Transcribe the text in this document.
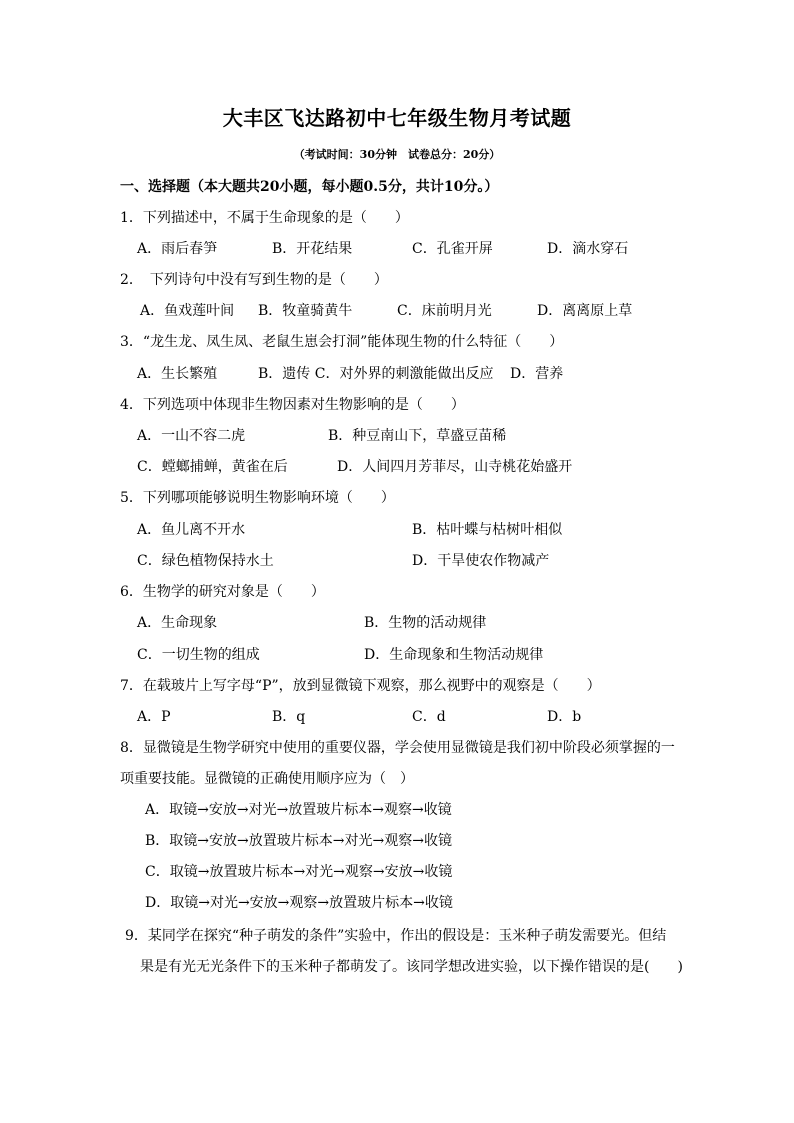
大丰区飞达路初中七年级生物月考试题
（考试时间：30分钟　试卷总分：20分）
一、选择题（本大题共20小题，每小题0.5分，共计10分。）
1．下列描述中，不属于生命现象的是（　　）
A．雨后春笋	B．开花结果	C．孔雀开屏	D．滴水穿石
2．　下列诗句中没有写到生物的是（　　）
A．鱼戏莲叶间 B．牧童骑黄牛	C．床前明月光	D．离离原上草
3．“龙生龙、凤生凤、老鼠生崽会打洞”能体现生物的什么特征（　　）
A．生长繁殖	B．遗传 C．对外界的刺激能做出反应 D．营养
4．下列选项中体现非生物因素对生物影响的是（　　）
A．一山不容二虎	B．种豆南山下，草盛豆苗稀
C．螳螂捕蝉，黄雀在后	D．人间四月芳菲尽，山寺桃花始盛开
5．下列哪项能够说明生物影响环境（　　）
A．鱼儿离不开水	B．枯叶蝶与枯树叶相似
C．绿色植物保持水土	D．干旱使农作物减产
6．生物学的研究对象是（　　）
A．生命现象	B．生物的活动规律
C．一切生物的组成	D．生命现象和生物活动规律
7．在载玻片上写字母“P”，放到显微镜下观察，那么视野中的观察是（　　）
A．P	B．q	C．d	D．b
8．显微镜是生物学研究中使用的重要仪器，学会使用显微镜是我们初中阶段必须掌握的一
项重要技能。显微镜的正确使用顺序应为（　）
A．取镜→安放→对光→放置玻片标本→观察→收镜
B．取镜→安放→放置玻片标本→对光→观察→收镜
C．取镜→放置玻片标本→对光→观察→安放→收镜
D．取镜→对光→安放→观察→放置玻片标本→收镜
9．某同学在探究“种子萌发的条件”实验中，作出的假设是：玉米种子萌发需要光。但结
果是有光无光条件下的玉米种子都萌发了。该同学想改进实验，以下操作错误的是(　　)
